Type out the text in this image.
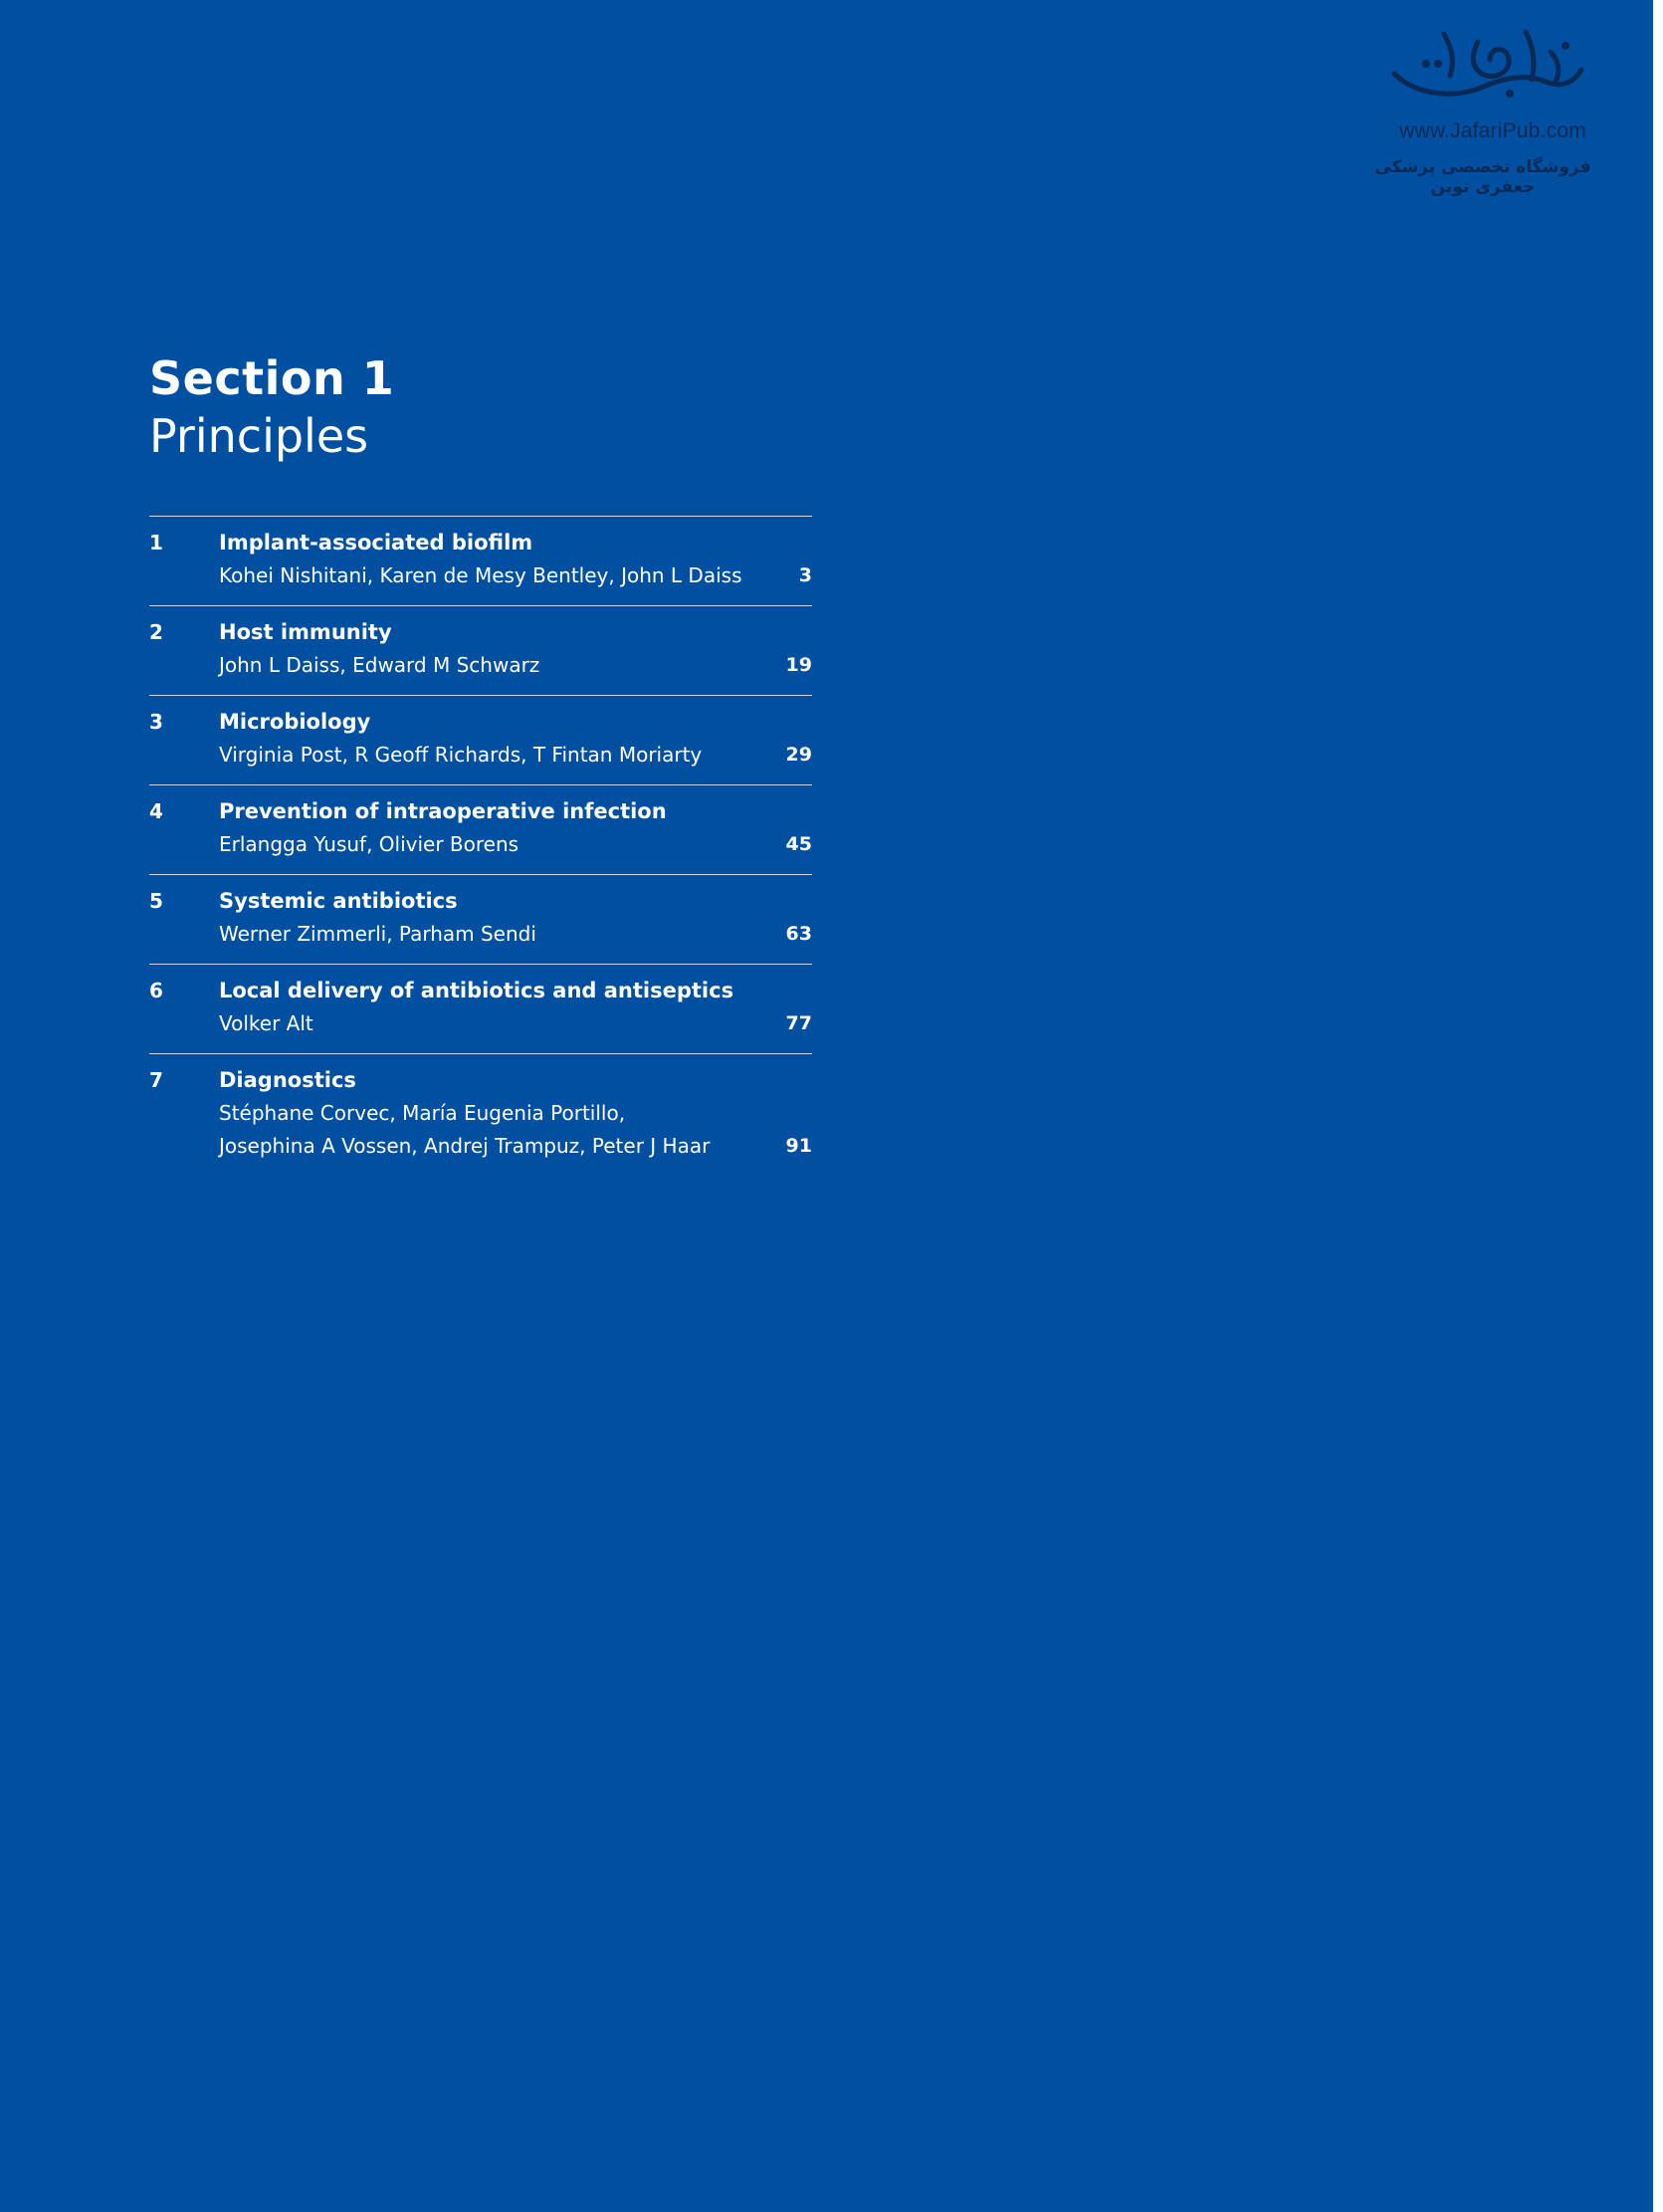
www.JafariPub.com
فروشگاه تخصصی پزشکی جعفری نوین
Section 1
Principles
1	Implant-associated biofilm
Kohei Nishitani, Karen de Mesy Bentley, John L Daiss	3
2	Host immunity
John L Daiss, Edward M Schwarz	19
3	Microbiology
Virginia Post, R Geoff Richards, T Fintan Moriarty	29
4	Prevention of intraoperative infection
Erlangga Yusuf, Olivier Borens	45
5	Systemic antibiotics
Werner Zimmerli, Parham Sendi	63
6	Local delivery of antibiotics and antiseptics
Volker Alt	77
7	Diagnostics
Stéphane Corvec, María Eugenia Portillo,
Josephina A Vossen, Andrej Trampuz, Peter J Haar	91
